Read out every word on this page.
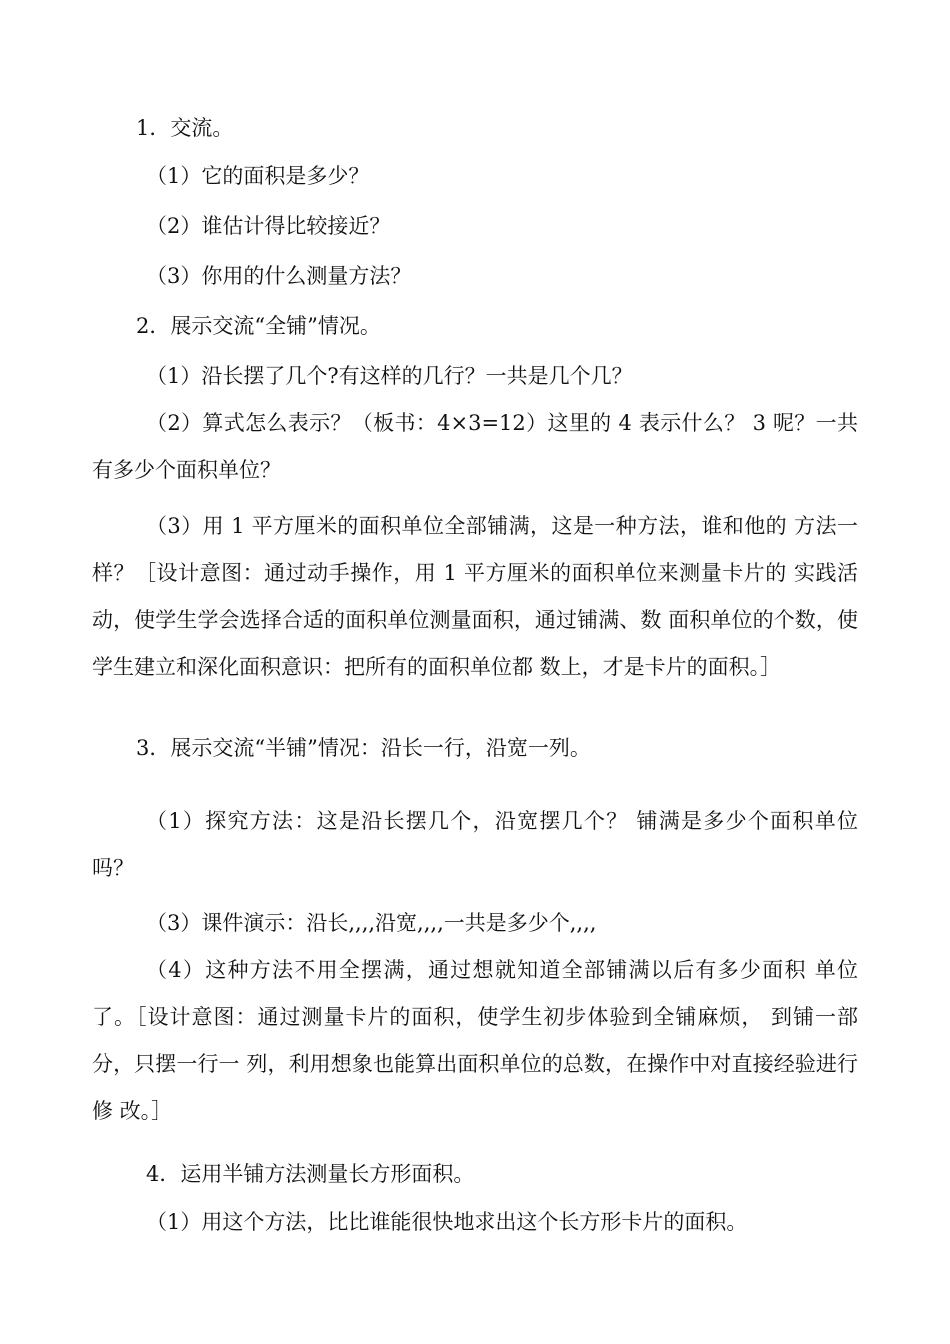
1．交流。
（1）它的面积是多少？
（2）谁估计得比较接近？
（3）你用的什么测量方法？
2．展示交流“全铺”情况。
（1）沿长摆了几个?有这样的几行？一共是几个几？
（2）算式怎么表示？（板书：4×3=12）这里的 4 表示什么？ 3 呢？一共有多少个面积单位？
（3）用 1 平方厘米的面积单位全部铺满，这是一种方法，谁和他的 方法一样？［设计意图：通过动手操作，用 1 平方厘米的面积单位来测量卡片的 实践活动，使学生学会选择合适的面积单位测量面积，通过铺满、数 面积单位的个数，使学生建立和深化面积意识：把所有的面积单位都 数上，才是卡片的面积。］
3．展示交流“半铺”情况：沿长一行，沿宽一列。
（1）探究方法：这是沿长摆几个，沿宽摆几个？ 铺满是多少个面积单位吗？
（3）课件演示：沿长,,,,沿宽,,,,一共是多少个,,,,
（4）这种方法不用全摆满，通过想就知道全部铺满以后有多少面积 单位了。［设计意图：通过测量卡片的面积，使学生初步体验到全铺麻烦， 到铺一部分，只摆一行一 列，利用想象也能算出面积单位的总数，在操作中对直接经验进行修 改。］
4．运用半铺方法测量长方形面积。
（1）用这个方法，比比谁能很快地求出这个长方形卡片的面积。
